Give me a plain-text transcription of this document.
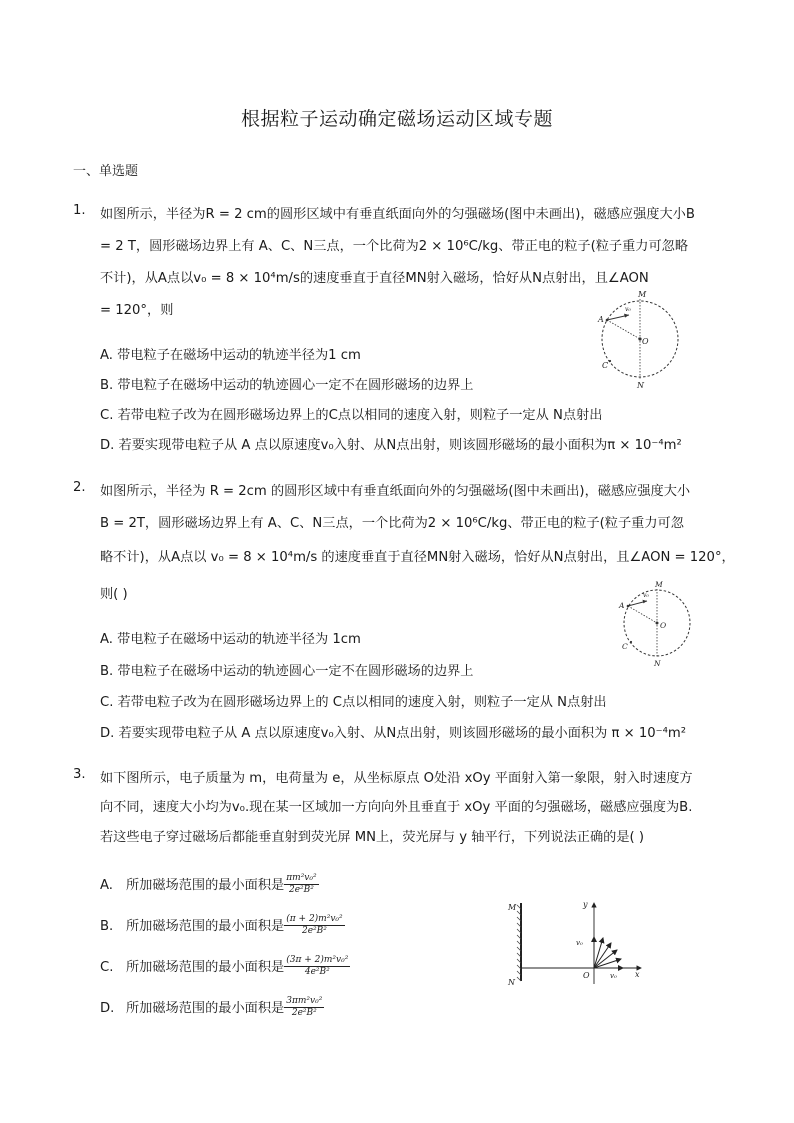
根据粒子运动确定磁场运动区域专题
一、单选题
1. 如图所示，半径为R = 2 cm的圆形区域中有垂直纸面向外的匀强磁场(图中未画出)，磁感应强度大小B
= 2 T，圆形磁场边界上有 A、C、N三点，一个比荷为2 × 10⁶C/kg、带正电的粒子(粒子重力可忽略
不计)，从A点以v₀ = 8 × 10⁴m/s的速度垂直于直径MN射入磁场，恰好从N点射出，且∠AON
= 120°，则
A. 带电粒子在磁场中运动的轨迹半径为1 cm
B. 带电粒子在磁场中运动的轨迹圆心一定不在圆形磁场的边界上
C. 若带电粒子改为在圆形磁场边界上的C点以相同的速度入射，则粒子一定从 N点射出
D. 若要实现带电粒子从 A 点以原速度v₀入射、从N点出射，则该圆形磁场的最小面积为π × 10⁻⁴m²
M
A
v₀
O
C
N
2. 如图所示，半径为 R = 2cm 的圆形区域中有垂直纸面向外的匀强磁场(图中未画出)，磁感应强度大小
B = 2T，圆形磁场边界上有 A、C、N三点，一个比荷为2 × 10⁶C/kg、带正电的粒子(粒子重力可忽
略不计)，从A点以 v₀ = 8 × 10⁴m/s 的速度垂直于直径MN射入磁场，恰好从N点射出，且∠AON = 120°，
则( )
A. 带电粒子在磁场中运动的轨迹半径为 1cm
B. 带电粒子在磁场中运动的轨迹圆心一定不在圆形磁场的边界上
C. 若带电粒子改为在圆形磁场边界上的 C点以相同的速度入射，则粒子一定从 N点射出
D. 若要实现带电粒子从 A 点以原速度v₀入射、从N点出射，则该圆形磁场的最小面积为 π × 10⁻⁴m²
M
A
v₀
O
C
N
3. 如下图所示，电子质量为 m，电荷量为 e，从坐标原点 O处沿 xOy 平面射入第一象限，射入时速度方
向不同，速度大小均为v₀.现在某一区域加一方向向外且垂直于 xOy 平面的匀强磁场，磁感应强度为B.
若这些电子穿过磁场后都能垂直射到荧光屏 MN上，荧光屏与 y 轴平行，下列说法正确的是( )
A. 所加磁场范围的最小面积是 $\frac{\text{πm²v₀²}}{\text{2e²B²}}$
B. 所加磁场范围的最小面积是 $\frac{\text{(π + 2)m²v₀²}}{\text{2e²B²}}$
C. 所加磁场范围的最小面积是 $\frac{\text{(3π + 2)m²v₀²}}{\text{4e²B²}}$
D. 所加磁场范围的最小面积是 $\frac{\text{3πm²v₀²}}{\text{2e²B²}}$
M
N
y
v₀
O	v₀ x
